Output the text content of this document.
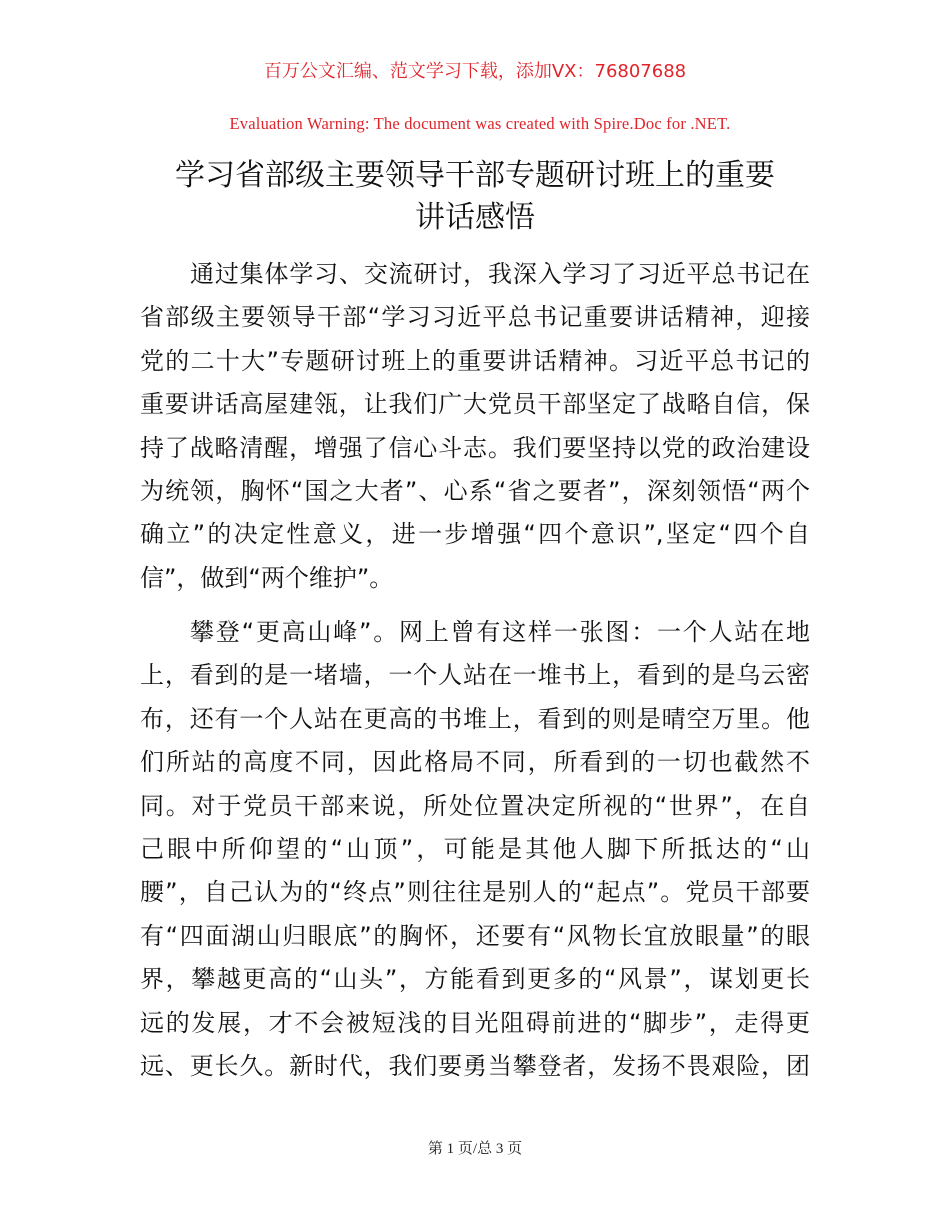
百万公文汇编、范文学习下载，添加VX：76807688
Evaluation Warning: The document was created with Spire.Doc for .NET.
学习省部级主要领导干部专题研讨班上的重要
讲话感悟
通过集体学习、交流研讨，我深入学习了习近平总书记在
省部级主要领导干部“学习习近平总书记重要讲话精神，迎接
党的二十大”专题研讨班上的重要讲话精神。习近平总书记的
重要讲话高屋建瓴，让我们广大党员干部坚定了战略自信，保
持了战略清醒，增强了信心斗志。我们要坚持以党的政治建设
为统领，胸怀“国之大者”、心系“省之要者”，深刻领悟“两个
确立”的决定性意义，进一步增强“四个意识”,坚定“四个自
信”，做到“两个维护”。
攀登“更高山峰”。网上曾有这样一张图：一个人站在地
上，看到的是一堵墙，一个人站在一堆书上，看到的是乌云密
布，还有一个人站在更高的书堆上，看到的则是晴空万里。他
们所站的高度不同，因此格局不同，所看到的一切也截然不
同。对于党员干部来说，所处位置决定所视的“世界”，在自
己眼中所仰望的“山顶”，可能是其他人脚下所抵达的“山
腰”，自己认为的“终点”则往往是别人的“起点”。党员干部要
有“四面湖山归眼底”的胸怀，还要有“风物长宜放眼量”的眼
界，攀越更高的“山头”，方能看到更多的“风景”，谋划更长
远的发展，才不会被短浅的目光阻碍前进的“脚步”，走得更
远、更长久。新时代，我们要勇当攀登者，发扬不畏艰险，团
第 1 页/总 3 页
